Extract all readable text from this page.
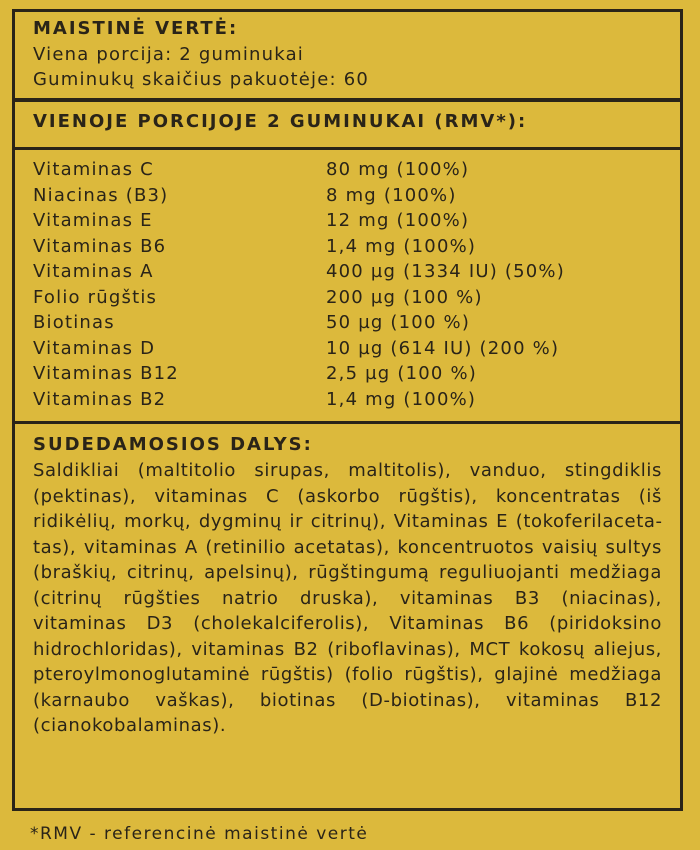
MAISTINĖ VERTĖ:
Viena porcija: 2 guminukai
Guminukų skaičius pakuotėje: 60
VIENOJE PORCIJOJE 2 GUMINUKAI (RMV*):
Vitaminas C	80 mg (100%)
Niacinas (B3)	8 mg (100%)
Vitaminas E	12 mg (100%)
Vitaminas B6	1,4 mg (100%)
Vitaminas A	400 µg (1334 IU) (50%)
Folio rūgštis	200 µg (100 %)
Biotinas	50 µg (100 %)
Vitaminas D	10 µg (614 IU) (200 %)
Vitaminas B12	2,5 µg (100 %)
Vitaminas B2	1,4 mg (100%)
SUDEDAMOSIOS DALYS:

Saldikliai (maltitolio sirupas, maltitolis), vanduo, stingdiklis (pektinas), vitaminas C (askorbo rūgštis), koncentratas (iš ridikėlių, morkų, dygminų ir citrinų), Vitaminas E (tokoferilacetatas), vitaminas A (retinilio acetatas), koncentruotos vaisių sultys (braškių, citrinų, apelsinų), rūgštingumą reguliuojanti medžiaga (citrinų rūgšties natrio druska), vitaminas B3 (niacinas), vitaminas D3 (cholekalciferolis), Vitaminas B6 (piridoksino hidrochloridas), vitaminas B2 (riboflavinas), MCT kokosų aliejus, pteroylmonoglutaminė rūgštis) (folio rūgštis), glajinė medžiaga (karnaubo vaškas), biotinas (D-biotinas), vitaminas B12 (cianokobalaminas).

*RMV - referencinė maistinė vertė
